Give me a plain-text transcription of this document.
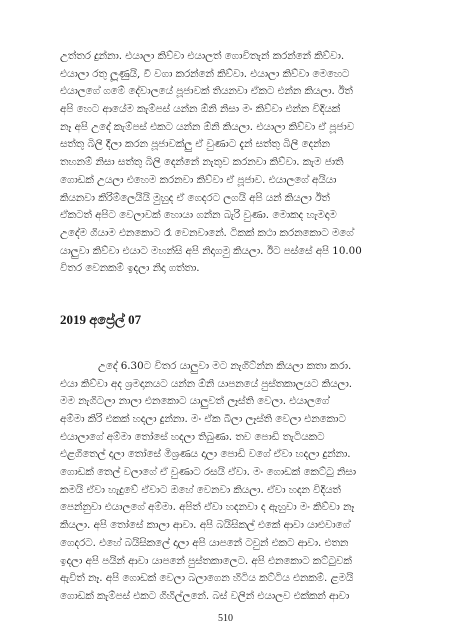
උත්තර දුන්නා. එයාලා කිව්වා එයාලත් ගොවිතැන් කරන්නේ කිව්වා.

එයාලා රතු ලූණුයි, වී වගා කරන්නේ කිව්වා. එයාලා කිව්වා මෙහෙට

එයාලගේ ගමේ දේවාලයේ පූජාවක් තියනවා ඒකට එන්න කියලා. ඊත්

අපි හෙට ආයේම කැම්පස් යන්න ඕනි නිසා මං කිව්වා එන්න විදියක්

නෑ අපි උදේ කැම්පස් එකට යන්න ඕනි කියලා. එයාලා කිව්වා ඒ පූජාව

සත්තු බිලි දීලා කරන පූජාවක්ලු ඒ වුණාට දැන් සත්තු බිලි දෙන්න

තහනම් නිසා සත්තු බිලි දෙන්නේ නැතුව කරනවා කිව්වා. කැම ජාති

ගොඩක් උයලා එහෙම කරනවා කිව්වා ඒ පූජාව. එයාලගේ අයියා

කියනවා කිරිම්ලෙයියි මුහුද ඒ ගෙදරට ලගයි අපි යන් කියලා ඊත්

ඒකටත් අපිට වෙලාවක් හොයා ගන්න බැරි වුණා. මොකද හැමදාම

උදේම ගියාම එනකොට රෑ වෙනවානේ. ටිකක් කථා කරනකොට මගේ

යාලුවා කිව්වා එයාට මහන්සි අපි නිදාගමු කියලා. ඊට පස්සේ අපි 10.00

විතර වෙනකම් ඉදලා නිදා ගත්තා.

2019 අප්‍රේල් 07

උදේ 6.30ට විතර යාලුවා මට නැගිට්න්න කියලා කතා කරා.

එයා කිව්වා අද ශ්‍රමදානයට යන්න ඕනි යාපනයේ පුස්තකාලයට කියලා.

මම නැගිටලා නාලා එනකොට යාලුවත් ලෑස්ති වෙලා. එයාලගේ

අම්මා කිරි එකක් හදලා දුන්නා. මං ඒක බීලා ලෑස්ති වෙලා එනකොට

එයාලාගේ අම්මා තෝසේ හදලා තිබුණා. තව පොඩි තැටියකට

එළගිතෙල් දාලා තෝසේ මිශ්‍රණය දාලා පොඩි වගේ ඒවා හදලා දුන්නා.

ගොඩක් තෙල් වලාගේ ඒ වුණාට රසයි ඒවා. මං ගොඩක් කෙට්ටු නිසා

කමයි ඒවා හැදුවේ ඒවාට ඔහේ වෙනවා කියලා. ඒවා හදන විදියත්

පෙන්නුවා එයාලගේ අම්මා. අපිත් ඒවා හදනවා ද ඇහුවා මං කිව්වා නෑ

කියලා. අපි තෝසේ කාලා ආවා. අපි බයිසිකල් එකේ ආවා යාළුවාගේ

ගෙදරට. එහේ බයිසිකලේ දාලා අපි යාපනේ ටවුන් එකට ආවා. එතන

ඉදලා අපි පයින් ආවා යාපනේ පුස්තකාලෙට. අපි එනකොට කට්ටුවක්

ඇවිත් නෑ. අපි ගොඩක් වෙලා බලාගෙන හිටිය කට්ටිය එනකම්. ළමයි

ගොඩක් කැම්පස් එකට ගිහිල්ලනේ. බස් වලින් එයාලව එක්කන් ආවා

510
